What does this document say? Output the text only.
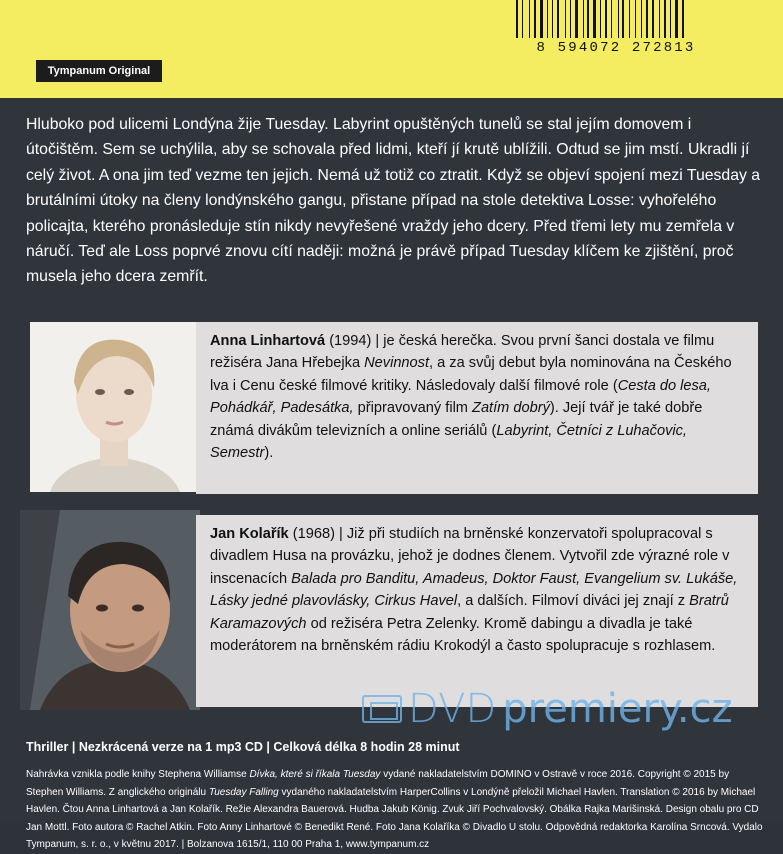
8 594072 272813
Tympanum Original

Hluboko pod ulicemi Londýna žije Tuesday. Labyrint opuštěných tunelů se stal jejím domovem i útočištěm. Sem se uchýlila, aby se schovala před lidmi, kteří jí krutě ublížili. Odtud se jim mstí. Ukradli jí celý život. A ona jim teď vezme ten jejich. Nemá už totiž co ztratit. Když se objeví spojení mezi Tuesday a brutálními útoky na členy londýnského gangu, přistane případ na stole detektiva Losse: vyhořelého policajta, kterého pronásleduje stín nikdy nevyřešené vraždy jeho dcery. Před třemi lety mu zemřela v náručí. Teď ale Loss poprvé znovu cítí naději: možná je právě případ Tuesday klíčem ke zjištění, proč musela jeho dcera zemřít.

Anna Linhartová (1994) | je česká herečka. Svou první šanci dostala ve filmu režiséra Jana Hřebejka Nevinnost, a za svůj debut byla nominována na Českého lva i Cenu české filmové kritiky. Následovaly další filmové role (Cesta do lesa, Pohádkář, Padesátka, připravovaný film Zatím dobrý). Její tvář je také dobře známá divákům televizních a online seriálů (Labyrint, Četníci z Luhačovic, Semestr).
Jan Kolařík (1968) | Již při studiích na brněnské konzervatoři spolupracoval s divadlem Husa na provázku, jehož je dodnes členem. Vytvořil zde výrazné role v inscenacích Balada pro Banditu, Amadeus, Doktor Faust, Evangelium sv. Lukáše, Lásky jedné plavovlásky, Cirkus Havel, a dalších. Filmoví diváci jej znají z Bratrů Karamazových od režiséra Petra Zelenky. Kromě dabingu a divadla je také moderátorem na brněnském rádiu Krokodýl a často spolupracuje s rozhlasem.
DVD premiery.cz
Thriller | Nezkrácená verze na 1 mp3 CD | Celková délka 8 hodin 28 minut

Nahrávka vznikla podle knihy Stephena Williamse Dívka, které si říkala Tuesday vydané nakladatelstvím DOMINO v Ostravě v roce 2016. Copyright © 2015 by Stephen Williams. Z anglického originálu Tuesday Falling vydaného nakladatelstvím HarperCollins v Londýně přeložil Michael Havlen. Translation © 2016 by Michael Havlen. Čtou Anna Linhartová a Jan Kolařík. Režie Alexandra Bauerová. Hudba Jakub König. Zvuk Jiří Pochvalovský. Obálka Rajka Marišinská. Design obalu pro CD Jan Mottl. Foto autora © Rachel Atkin. Foto Anny Linhartové © Benedikt René. Foto Jana Kolaříka © Divadlo U stolu. Odpovědná redaktorka Karolína Srncová. Vydalo Tympanum, s. r. o., v květnu 2017. | Bolzanova 1615/1, 110 00 Praha 1, www.tympanum.cz
